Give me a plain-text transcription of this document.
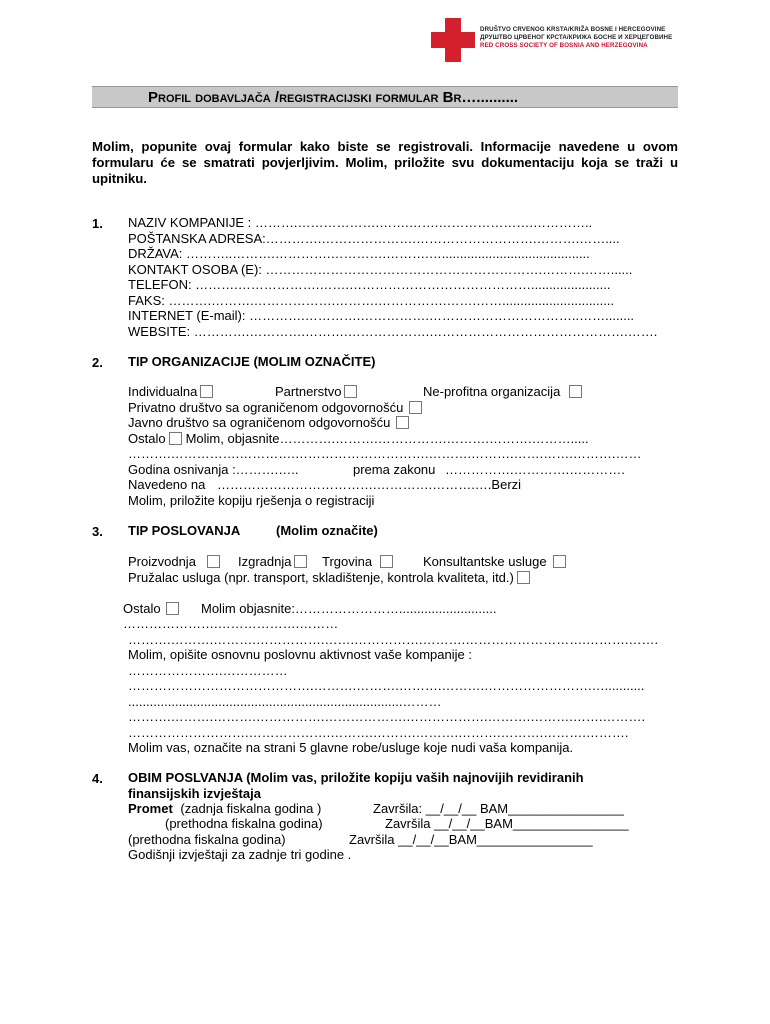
DRUŠTVO CRVENOG KRSTA/KRIŽA BOSNE I HERCEGOVINE
ДРУШТВО ЦРВЕНОГ КРСТА/КРИЖА БОСНЕ И ХЕРЦЕГОВИНЕ
RED CROSS SOCIETY OF BOSNIA AND HERZEGOVINA
Profil dobavljača /registracijski formular Br…..........
Molim, popunite ovaj formular kako biste se registrovali. Informacije navedene u ovom formularu će se smatrati povjerljivim. Molim, priložite svu dokumentaciju koja se traži u upitniku.
1. NAZIV KOMPANIJE : ……….……………….…….…….………………….…………..
POŠTANSKA ADRESA:………….………………….……………………….……….……....
DRŽAVA: ………..……….………….………….……….….........................................
KONTAKT OSOBA (E): ……………………………………………………….……….……......
TELEFON: ……….……………….…….……………………………………......................
FAKS: ……….……….……………….……….…………….…….……...............................
INTERNET (E-mail): ………….………….…………….……………………………..……........
WEBSITE: ………….………….……….……………….……………………………………….…….
2. TIP ORGANIZACIJE (MOLIM OZNAČITE)
Individualna	Partnerstvo	Ne-profitna organizacija
Privatno društvo sa ograničenom odgovornošću
Javno društvo sa ograničenom odgovornošću
Ostalo Molim, objasnite………….……….…………….……….……….……….....
……….…………….………….………………………….……….……….…….…….……….……
Godina osnivanja :……….…..	prema zakonu …………….………….………….
Navedeno na ……………………………….………….……….….Berzi
Molim, priložite kopiju rješenja o registraciji
3. TIP POSLOVANJA	(Molim označite)
Proizvodnja	Izgradnja	Trgovina	Konsultantske usluge
Pružalac usluga (npr. transport, skladištenje, kontrola kvaliteta, itd.)
Ostalo	Molim objasnite:……………………...........................
………………….……………….………
……….……….……….…………….…….…………….……….……………………….……….…….
Molim, opišite osnovnu poslovnu aktivnost vaše kompanije :
………………….……………
…………………………………….……….……….……….……….…………………….…...........
............................................................................………
……….……….……….…………….……………….……………….……….……….…….……….
……………………….……………….……….……….……….……….……….……….……….
Molim vas, označite na strani 5 glavne robe/usluge koje nudi vaša kompanija.
4. OBIM POSLVANJA (Molim vas, priložite kopiju vaših najnovijih revidiranih
finansijskih izvještaja
Promet (zadnja fiskalna godina )	Završila: __/__/__ BAM________________
(prethodna fiskalna godina)	Završila __/__/__BAM________________
(prethodna fiskalna godina)	Završila __/__/__BAM________________
Godišnji izvještaji za zadnje tri godine .
